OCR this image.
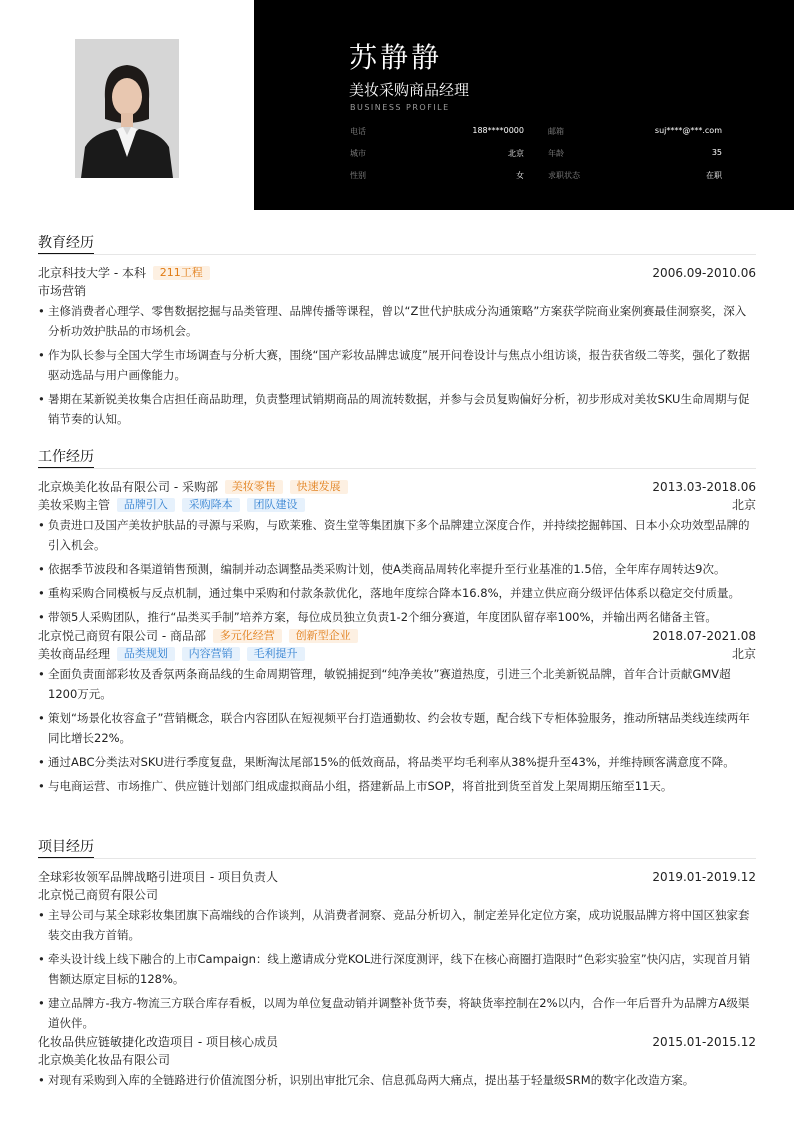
苏静静
美妆采购商品经理
BUSINESS PROFILE
电话	188****0000	邮箱	suj****@***.com
城市	北京	年龄	35
性别	女	求职状态	在职
教育经历
北京科技大学 - 本科 211工程	2006.09-2010.06
市场营销
• 主修消费者心理学、零售数据挖掘与品类管理、品牌传播等课程，曾以“Z世代护肤成分沟通策略”方案获学院商业案例赛最佳洞察奖，深入分析功效护肤品的市场机会。
• 作为队长参与全国大学生市场调查与分析大赛，围绕“国产彩妆品牌忠诚度”展开问卷设计与焦点小组访谈，报告获省级二等奖，强化了数据驱动选品与用户画像能力。
• 暑期在某新锐美妆集合店担任商品助理，负责整理试销期商品的周流转数据，并参与会员复购偏好分析，初步形成对美妆SKU生命周期与促销节奏的认知。
工作经历
北京焕美化妆品有限公司 - 采购部 美妆零售 快速发展	2013.03-2018.06
美妆采购主管 品牌引入 采购降本 团队建设	北京
• 负责进口及国产美妆护肤品的寻源与采购，与欧莱雅、资生堂等集团旗下多个品牌建立深度合作，并持续挖掘韩国、日本小众功效型品牌的引入机会。
• 依据季节波段和各渠道销售预测，编制并动态调整品类采购计划，使A类商品周转化率提升至行业基准的1.5倍，全年库存周转达9次。
• 重构采购合同模板与反点机制，通过集中采购和付款条款优化，落地年度综合降本16.8%，并建立供应商分级评估体系以稳定交付质量。
• 带领5人采购团队，推行“品类买手制”培养方案，每位成员独立负责1-2个细分赛道，年度团队留存率100%，并输出两名储备主管。
北京悦己商贸有限公司 - 商品部 多元化经营 创新型企业	2018.07-2021.08
美妆商品经理 品类规划 内容营销 毛利提升	北京
• 全面负责面部彩妆及香氛两条商品线的生命周期管理，敏锐捕捉到“纯净美妆”赛道热度，引进三个北美新锐品牌，首年合计贡献GMV超1200万元。
• 策划“场景化妆容盒子”营销概念，联合内容团队在短视频平台打造通勤妆、约会妆专题，配合线下专柜体验服务，推动所辖品类线连续两年同比增长22%。
• 通过ABC分类法对SKU进行季度复盘，果断淘汰尾部15%的低效商品，将品类平均毛利率从38%提升至43%，并维持顾客满意度不降。
• 与电商运营、市场推广、供应链计划部门组成虚拟商品小组，搭建新品上市SOP，将首批到货至首发上架周期压缩至11天。
项目经历
全球彩妆领军品牌战略引进项目 - 项目负责人	2019.01-2019.12
北京悦己商贸有限公司
• 主导公司与某全球彩妆集团旗下高端线的合作谈判，从消费者洞察、竞品分析切入，制定差异化定位方案，成功说服品牌方将中国区独家套装交由我方首销。
• 牵头设计线上线下融合的上市Campaign：线上邀请成分党KOL进行深度测评，线下在核心商圈打造限时“色彩实验室”快闪店，实现首月销售额达原定目标的128%。
• 建立品牌方-我方-物流三方联合库存看板，以周为单位复盘动销并调整补货节奏，将缺货率控制在2%以内，合作一年后晋升为品牌方A级渠道伙伴。
化妆品供应链敏捷化改造项目 - 项目核心成员	2015.01-2015.12
北京焕美化妆品有限公司
• 对现有采购到入库的全链路进行价值流图分析，识别出审批冗余、信息孤岛两大痛点，提出基于轻量级SRM的数字化改造方案。
